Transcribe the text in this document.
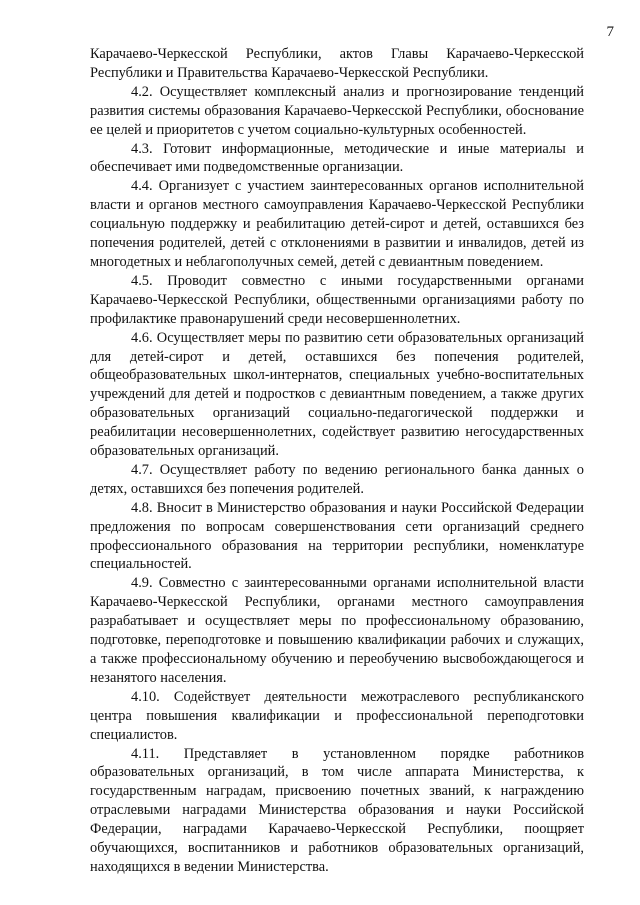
7

Карачаево-Черкесской Республики, актов Главы Карачаево-Черкесской Республики и Правительства Карачаево-Черкесской Республики.

4.2. Осуществляет комплексный анализ и прогнозирование тенденций развития системы образования Карачаево-Черкесской Республики, обоснование ее целей и приоритетов с учетом социально-культурных особенностей.

4.3. Готовит информационные, методические и иные материалы и обеспечивает ими подведомственные организации.

4.4. Организует с участием заинтересованных органов исполнительной власти и органов местного самоуправления Карачаево-Черкесской Республики социальную поддержку и реабилитацию детей-сирот и детей, оставшихся без попечения родителей, детей с отклонениями в развитии и инвалидов, детей из многодетных и неблагополучных семей, детей с девиантным поведением.

4.5. Проводит совместно с иными государственными органами Карачаево-Черкесской Республики, общественными организациями работу по профилактике правонарушений среди несовершеннолетних.

4.6. Осуществляет меры по развитию сети образовательных организаций для детей-сирот и детей, оставшихся без попечения родителей, общеобразовательных школ-интернатов, специальных учебно-воспитательных учреждений для детей и подростков с девиантным поведением, а также других образовательных организаций социально-педагогической поддержки и реабилитации несовершеннолетних, содействует развитию негосударственных образовательных организаций.

4.7. Осуществляет работу по ведению регионального банка данных о детях, оставшихся без попечения родителей.

4.8. Вносит в Министерство образования и науки Российской Федерации предложения по вопросам совершенствования сети организаций среднего профессионального образования на территории республики, номенклатуре специальностей.

4.9. Совместно с заинтересованными органами исполнительной власти Карачаево-Черкесской Республики, органами местного самоуправления разрабатывает и осуществляет меры по профессиональному образованию, подготовке, переподготовке и повышению квалификации рабочих и служащих, а также профессиональному обучению и переобучению высвобождающегося и незанятого населения.

4.10. Содействует деятельности межотраслевого республиканского центра повышения квалификации и профессиональной переподготовки специалистов.

4.11. Представляет в установленном порядке работников образовательных организаций, в том числе аппарата Министерства, к государственным наградам, присвоению почетных званий, к награждению отраслевыми наградами Министерства образования и науки Российской Федерации, наградами Карачаево-Черкесской Республики, поощряет обучающихся, воспитанников и работников образовательных организаций, находящихся в ведении Министерства.
